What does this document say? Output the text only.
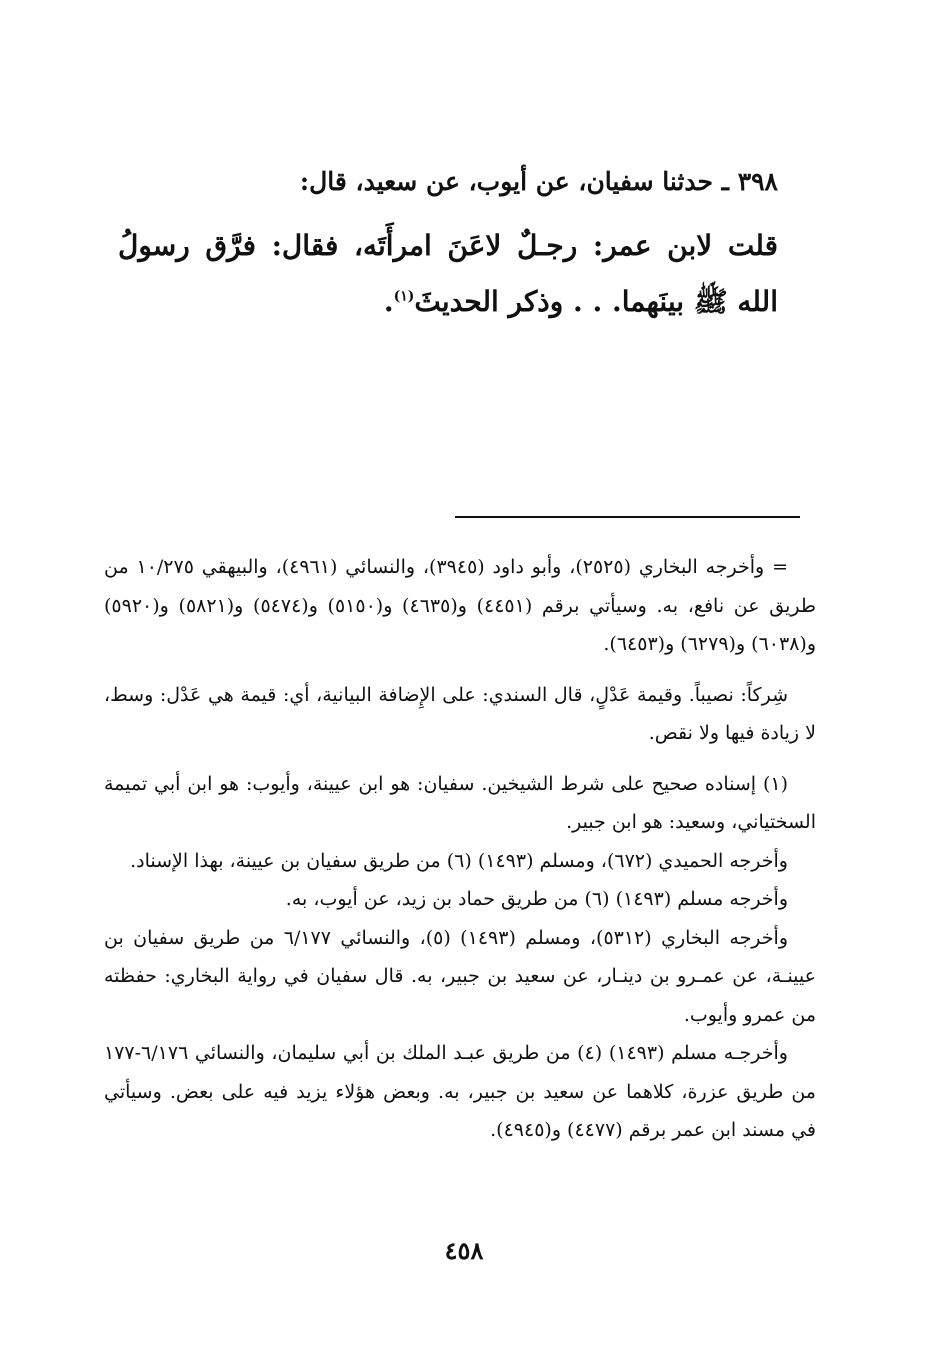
٣٩٨ ـ حدثنا سفيان، عن أيوب، عن سعيد، قال:
قلت لابن عمر: رجـلٌ لاعَنَ امرأَتَه، فقال: فرَّق رسولُ الله ﷺ بينَهما. . . وذكر الحديثَ$^{(١)}$.

= وأخرجه البخاري (٢٥٢٥)، وأبو داود (٣٩٤٥)، والنسائي (٤٩٦١)، والبيهقي ١٠/٢٧٥ من طريق عن نافع، به. وسيأتي برقم (٤٤٥١) و(٤٦٣٥) و(٥١٥٠) و(٥٤٧٤) و(٥٨٢١) و(٥٩٢٠) و(٦٠٣٨) و(٦٢٧٩) و(٦٤٥٣).

شِركاً: نصيباً. وقيمة عَدْلٍ، قال السندي: على الإِضافة البيانية، أي: قيمة هي عَدْل: وسط، لا زيادة فيها ولا نقص.

(١) إسناده صحيح على شرط الشيخين. سفيان: هو ابن عيينة، وأيوب: هو ابن أبي تميمة السختياني، وسعيد: هو ابن جبير.

وأخرجه الحميدي (٦٧٢)، ومسلم (١٤٩٣) (٦) من طريق سفيان بن عيينة، بهذا الإسناد.

وأخرجه مسلم (١٤٩٣) (٦) من طريق حماد بن زيد، عن أيوب، به.

وأخرجه البخاري (٥٣١٢)، ومسلم (١٤٩٣) (٥)، والنسائي ٦/١٧٧ من طريق سفيان بن عيينـة، عن عمـرو بن دينـار، عن سعيد بن جبير، به. قال سفيان في رواية البخاري: حفظته من عمرو وأيوب.

وأخرجـه مسلم (١٤٩٣) (٤) من طريق عبـد الملك بن أبي سليمان، والنسائي ٦/١٧٦-١٧٧ من طريق عزرة، كلاهما عن سعيد بن جبير، به. وبعض هؤلاء يزيد فيه على بعض. وسيأتي في مسند ابن عمر برقم (٤٤٧٧) و(٤٩٤٥).

٤٥٨
